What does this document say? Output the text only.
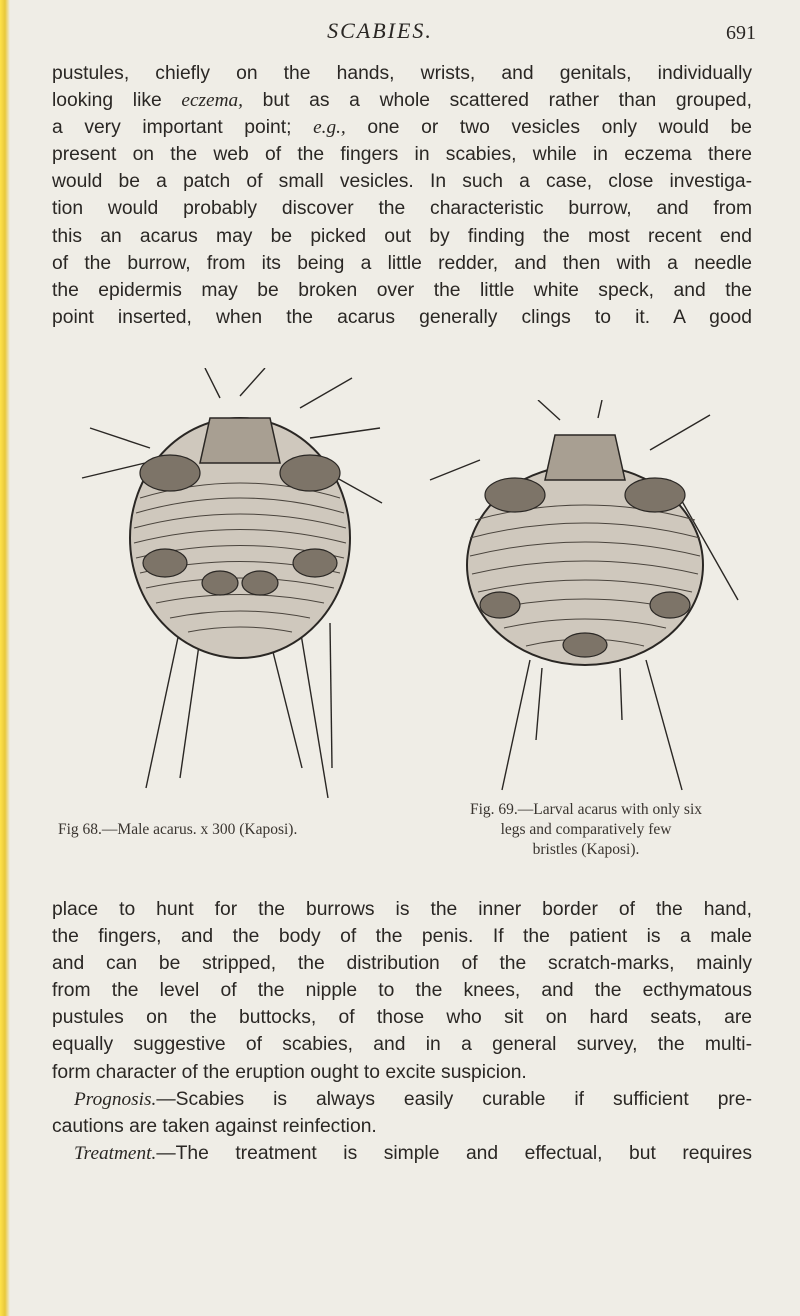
SCABIES.	691
pustules, chiefly on the hands, wrists, and genitals, individually
looking like eczema, but as a whole scattered rather than grouped,
a very important point; e.g., one or two vesicles only would be
present on the web of the fingers in scabies, while in eczema there
would be a patch of small vesicles. In such a case, close investiga-
tion would probably discover the characteristic burrow, and from
this an acarus may be picked out by finding the most recent end
of the burrow, from its being a little redder, and then with a needle
the epidermis may be broken over the little white speck, and the
point inserted, when the acarus generally clings to it. A good
Fig 68.—Male acarus. x 300 (Kaposi).
Fig. 69.—Larval acarus with only six
legs and comparatively few
bristles (Kaposi).
place to hunt for the burrows is the inner border of the hand,
the fingers, and the body of the penis. If the patient is a male
and can be stripped, the distribution of the scratch-marks, mainly
from the level of the nipple to the knees, and the ecthymatous
pustules on the buttocks, of those who sit on hard seats, are
equally suggestive of scabies, and in a general survey, the multi-
form character of the eruption ought to excite suspicion.
Prognosis.—Scabies is always easily curable if sufficient pre-
cautions are taken against reinfection.
Treatment.—The treatment is simple and effectual, but requires
